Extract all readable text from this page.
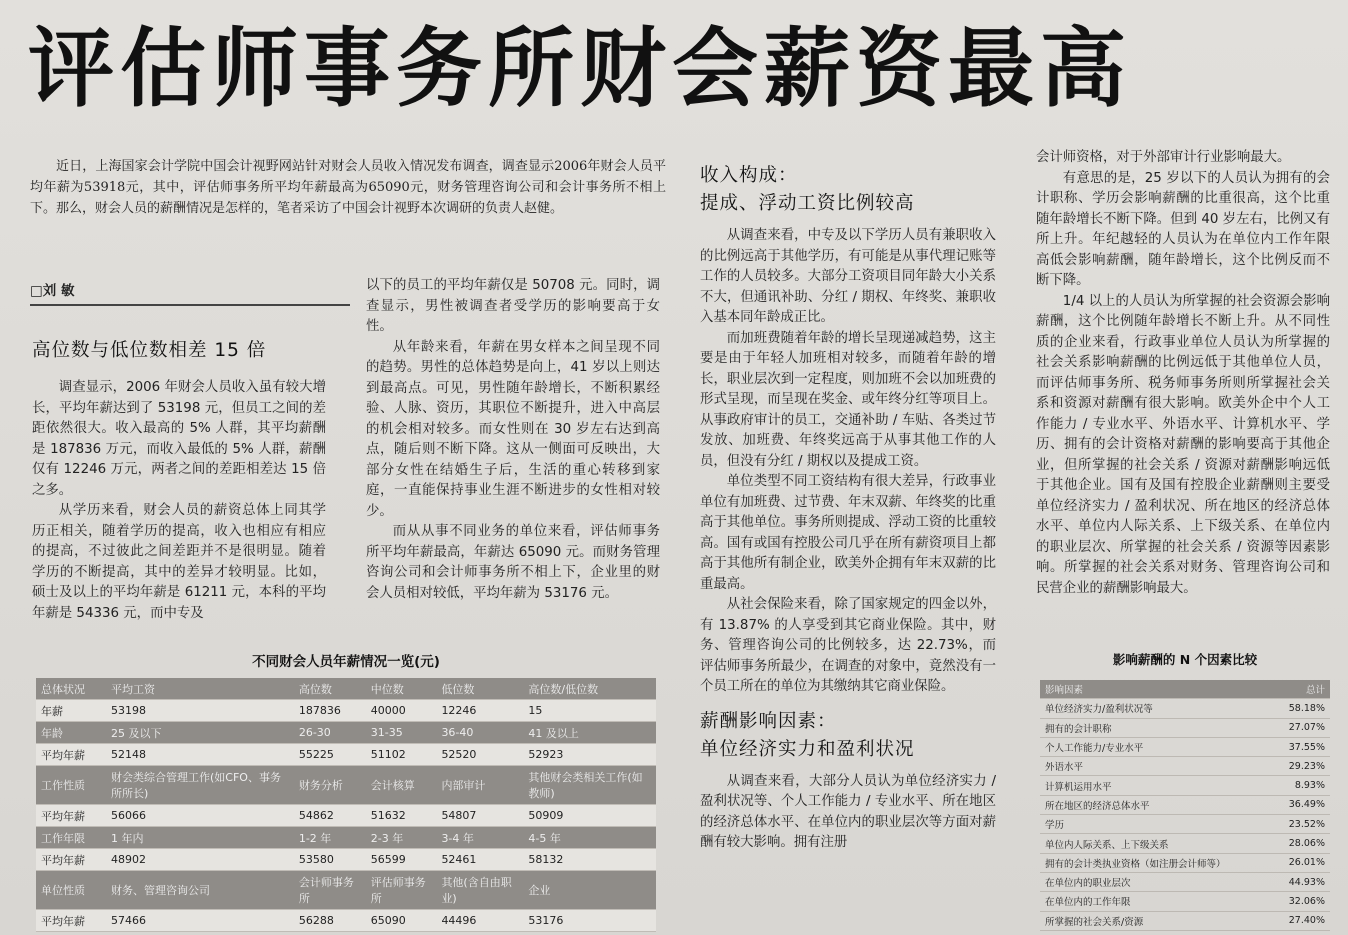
评估师事务所财会薪资最高
近日，上海国家会计学院中国会计视野网站针对财会人员收入情况发布调查，调查显示2006年财会人员平均年薪为53918元，其中，评估师事务所平均年薪最高为65090元，财务管理咨询公司和会计事务所不相上下。那么，财会人员的薪酬情况是怎样的，笔者采访了中国会计视野本次调研的负责人赵健。
□刘 敏
高位数与低位数相差 15 倍

调查显示，2006 年财会人员收入虽有较大增长，平均年薪达到了 53198 元，但员工之间的差距依然很大。收入最高的 5% 人群，其平均薪酬是 187836 万元，而收入最低的 5% 人群，薪酬仅有 12246 万元，两者之间的差距相差达 15 倍之多。

从学历来看，财会人员的薪资总体上同其学历正相关，随着学历的提高，收入也相应有相应的提高，不过彼此之间差距并不是很明显。随着学历的不断提高，其中的差异才较明显。比如，硕士及以上的平均年薪是 61211 元，本科的平均年薪是 54336 元，而中专及

以下的员工的平均年薪仅是 50708 元。同时，调查显示，男性被调查者受学历的影响要高于女性。

从年龄来看，年薪在男女样本之间呈现不同的趋势。男性的总体趋势是向上，41 岁以上则达到最高点。可见，男性随年龄增长，不断积累经验、人脉、资历，其职位不断提升，进入中高层的机会相对较多。而女性则在 30 岁左右达到高点，随后则不断下降。这从一侧面可反映出，大部分女性在结婚生子后，生活的重心转移到家庭，一直能保持事业生涯不断进步的女性相对较少。

而从从事不同业务的单位来看，评估师事务所平均年薪最高，年薪达 65090 元。而财务管理咨询公司和会计师事务所不相上下，企业里的财会人员相对较低，平均年薪为 53176 元。

收入构成：
提成、浮动工资比例较高

从调查来看，中专及以下学历人员有兼职收入的比例远高于其他学历，有可能是从事代理记账等工作的人员较多。大部分工资项目同年龄大小关系不大，但通讯补助、分红 / 期权、年终奖、兼职收入基本同年龄成正比。

而加班费随着年龄的增长呈现递减趋势，这主要是由于年轻人加班相对较多，而随着年龄的增长，职业层次到一定程度，则加班不会以加班费的形式呈现，而呈现在奖金、或年终分红等项目上。从事政府审计的员工，交通补助 / 车贴、各类过节发放、加班费、年终奖远高于从事其他工作的人员，但没有分红 / 期权以及提成工资。

单位类型不同工资结构有很大差异，行政事业单位有加班费、过节费、年末双薪、年终奖的比重高于其他单位。事务所则提成、浮动工资的比重较高。国有或国有控股公司几乎在所有薪资项目上都高于其他所有制企业，欧美外企拥有年末双薪的比重最高。

从社会保险来看，除了国家规定的四金以外，有 13.87% 的人享受到其它商业保险。其中，财务、管理咨询公司的比例较多，达 22.73%，而评估师事务所最少，在调查的对象中，竟然没有一个员工所在的单位为其缴纳其它商业保险。

薪酬影响因素：
单位经济实力和盈利状况

从调查来看，大部分人员认为单位经济实力 / 盈利状况等、个人工作能力 / 专业水平、所在地区的经济总体水平、在单位内的职业层次等方面对薪酬有较大影响。拥有注册

会计师资格，对于外部审计行业影响最大。

有意思的是，25 岁以下的人员认为拥有的会计职称、学历会影响薪酬的比重很高，这个比重随年龄增长不断下降。但到 40 岁左右，比例又有所上升。年纪越轻的人员认为在单位内工作年限高低会影响薪酬，随年龄增长，这个比例反而不断下降。

1/4 以上的人员认为所掌握的社会资源会影响薪酬，这个比例随年龄增长不断上升。从不同性质的企业来看，行政事业单位人员认为所掌握的社会关系影响薪酬的比例远低于其他单位人员，而评估师事务所、税务师事务所则所掌握社会关系和资源对薪酬有很大影响。欧美外企中个人工作能力 / 专业水平、外语水平、计算机水平、学历、拥有的会计资格对薪酬的影响要高于其他企业，但所掌握的社会关系 / 资源对薪酬影响远低于其他企业。国有及国有控股企业薪酬则主要受单位经济实力 / 盈利状况、所在地区的经济总体水平、单位内人际关系、上下级关系、在单位内的职业层次、所掌握的社会关系 / 资源等因素影响。所掌握的社会关系对财务、管理咨询公司和民营企业的薪酬影响最大。

不同财会人员年薪情况一览(元)
总体状况	平均工资	高位数	中位数	低位数	高位数/低位数
年薪	53198	187836	40000	12246	15
年龄	25 及以下	26-30	31-35	36-40	41 及以上
平均年薪	52148	55225	51102	52520	52923
工作性质	财会类综合管理工作(如CFO、事务所所长)	财务分析	会计核算	内部审计	其他财会类相关工作(如教师)
平均年薪	56066	54862	51632	54807	50909
工作年限	1 年内	1-2 年	2-3 年	3-4 年	4-5 年
平均年薪	48902	53580	56599	52461	58132
单位性质	财务、管理咨询公司	会计师事务所	评估师事务所	其他(含自由职业)	企业
平均年薪	57466	56288	65090	44496	53176
影响薪酬的 N 个因素比较
影响因素	总计
单位经济实力/盈利状况等	58.18%
拥有的会计职称	27.07%
个人工作能力/专业水平	37.55%
外语水平	29.23%
计算机运用水平	8.93%
所在地区的经济总体水平	36.49%
学历	23.52%
单位内人际关系、上下级关系	28.06%
拥有的会计类执业资格（如注册会计师等）	26.01%
在单位内的职业层次	44.93%
在单位内的工作年限	32.06%
所掌握的社会关系/资源	27.40%
